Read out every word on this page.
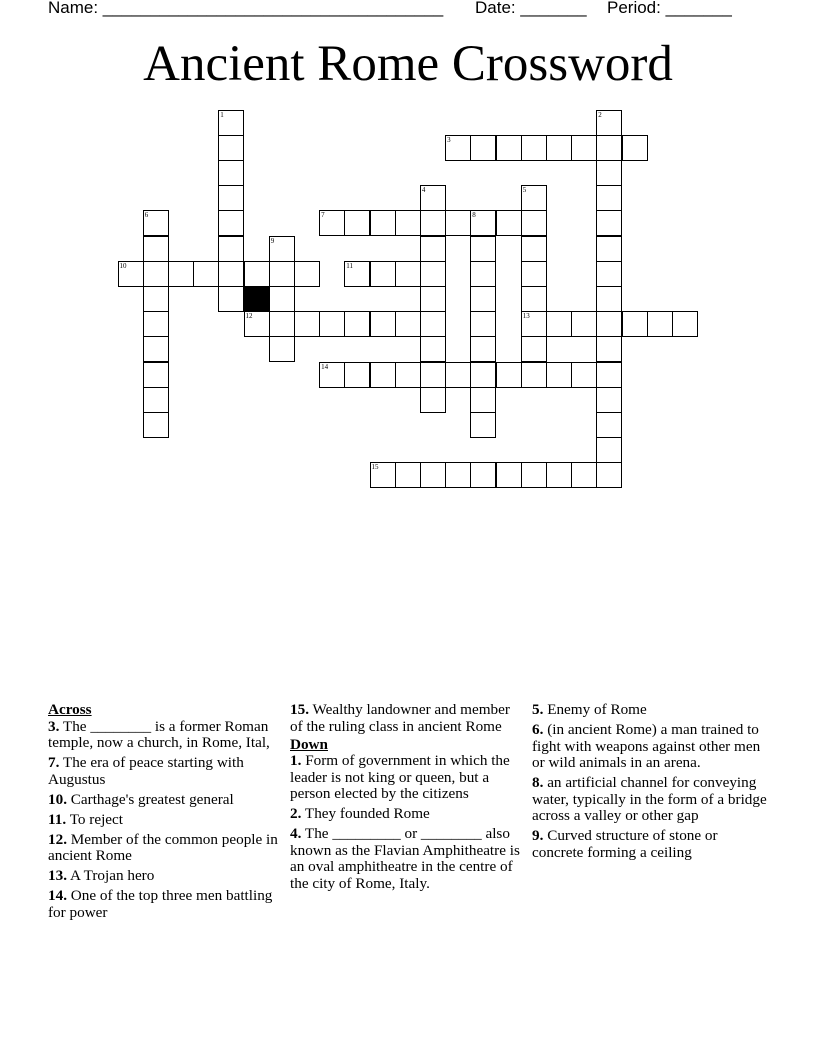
Name: ____________________________________ Date: _______ Period: _______
Ancient Rome Crossword
1	2
3
4	5
13
6	7	8
9
10	11
12
14
15
Across
3. The ________ is a former Roman temple, now a church, in Rome, Ital,
7. The era of peace starting with Augustus
10. Carthage's greatest general
11. To reject
12. Member of the common people in ancient Rome
13. A Trojan hero
14. One of the top three men battling for power
15. Wealthy landowner and member of the ruling class in ancient Rome
Down
1. Form of government in which the leader is not king or queen, but a person elected by the citizens
2. They founded Rome
4. The _________ or ________ also known as the Flavian Amphitheatre is an oval amphitheatre in the centre of the city of Rome, Italy.
5. Enemy of Rome
6. (in ancient Rome) a man trained to fight with weapons against other men or wild animals in an arena.
8. an artificial channel for conveying water, typically in the form of a bridge across a valley or other gap
9. Curved structure of stone or concrete forming a ceiling
